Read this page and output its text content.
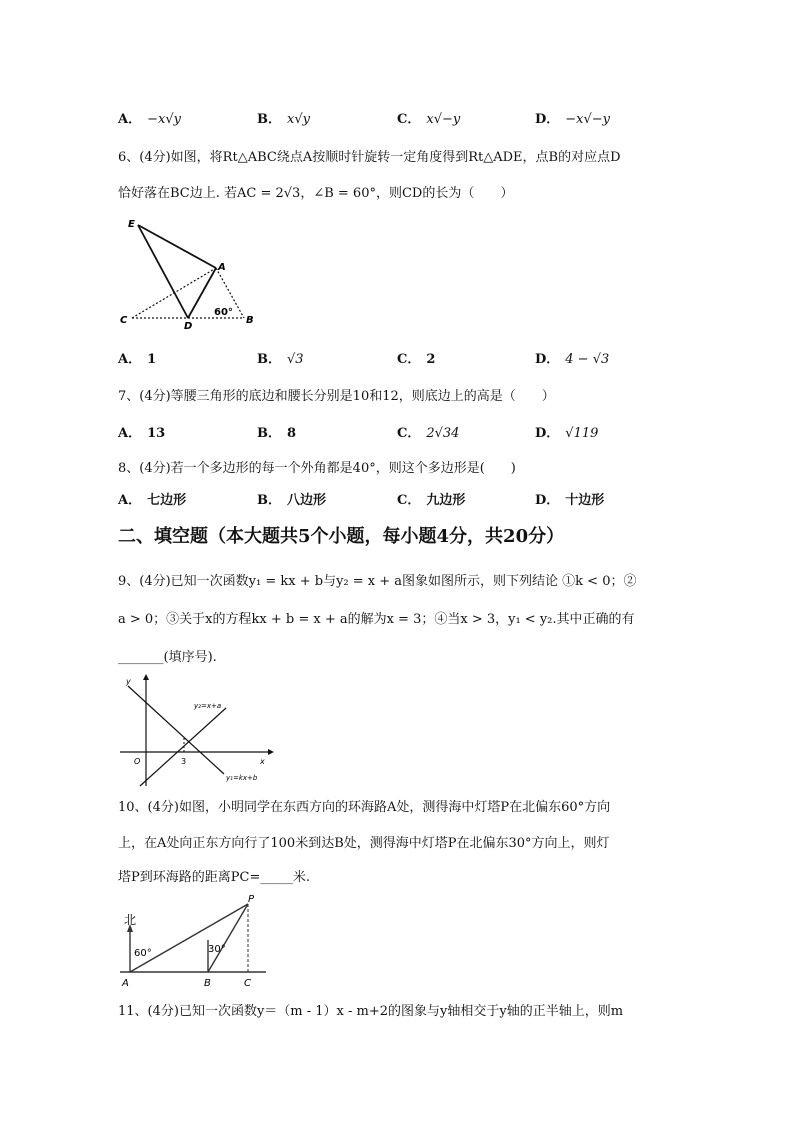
A． −x√y	B． x√y	C． x√−y	D． −x√−y
6、(4分)如图，将Rt△ABC绕点A按顺时针旋转一定角度得到Rt△ADE，点B的对应点D
恰好落在BC边上. 若AC = 2√3，∠B = 60°，则CD的长为（　　）
E
A
C
D
B
60°
A． 1	B． √3	C． 2	D． 4 − √3
7、(4分)等腰三角形的底边和腰长分别是10和12，则底边上的高是（　　）
A． 13	B． 8	C． 2√34	D． √119
8、(4分)若一个多边形的每一个外角都是40°，则这个多边形是(　　)
A． 七边形	B． 八边形	C． 九边形	D． 十边形
二、填空题（本大题共5个小题，每小题4分，共20分）
9、(4分)已知一次函数y₁ = kx + b与y₂ = x + a图象如图所示，则下列结论 ①k < 0；②
a > 0；③关于x的方程kx + b = x + a的解为x = 3；④当x > 3，y₁ < y₂.其中正确的有
_______(填序号).
y
x
O	3
y₂=x+a
y₁=kx+b
10、(4分)如图，小明同学在东西方向的环海路A处，测得海中灯塔P在北偏东60°方向
上，在A处向正东方向行了100米到达B处，测得海中灯塔P在北偏东30°方向上，则灯
塔P到环海路的距离PC=_____米.
北
60°	30°
A	B	C
P
11、(4分)已知一次函数y＝（m - 1）x - m+2的图象与y轴相交于y轴的正半轴上，则m
